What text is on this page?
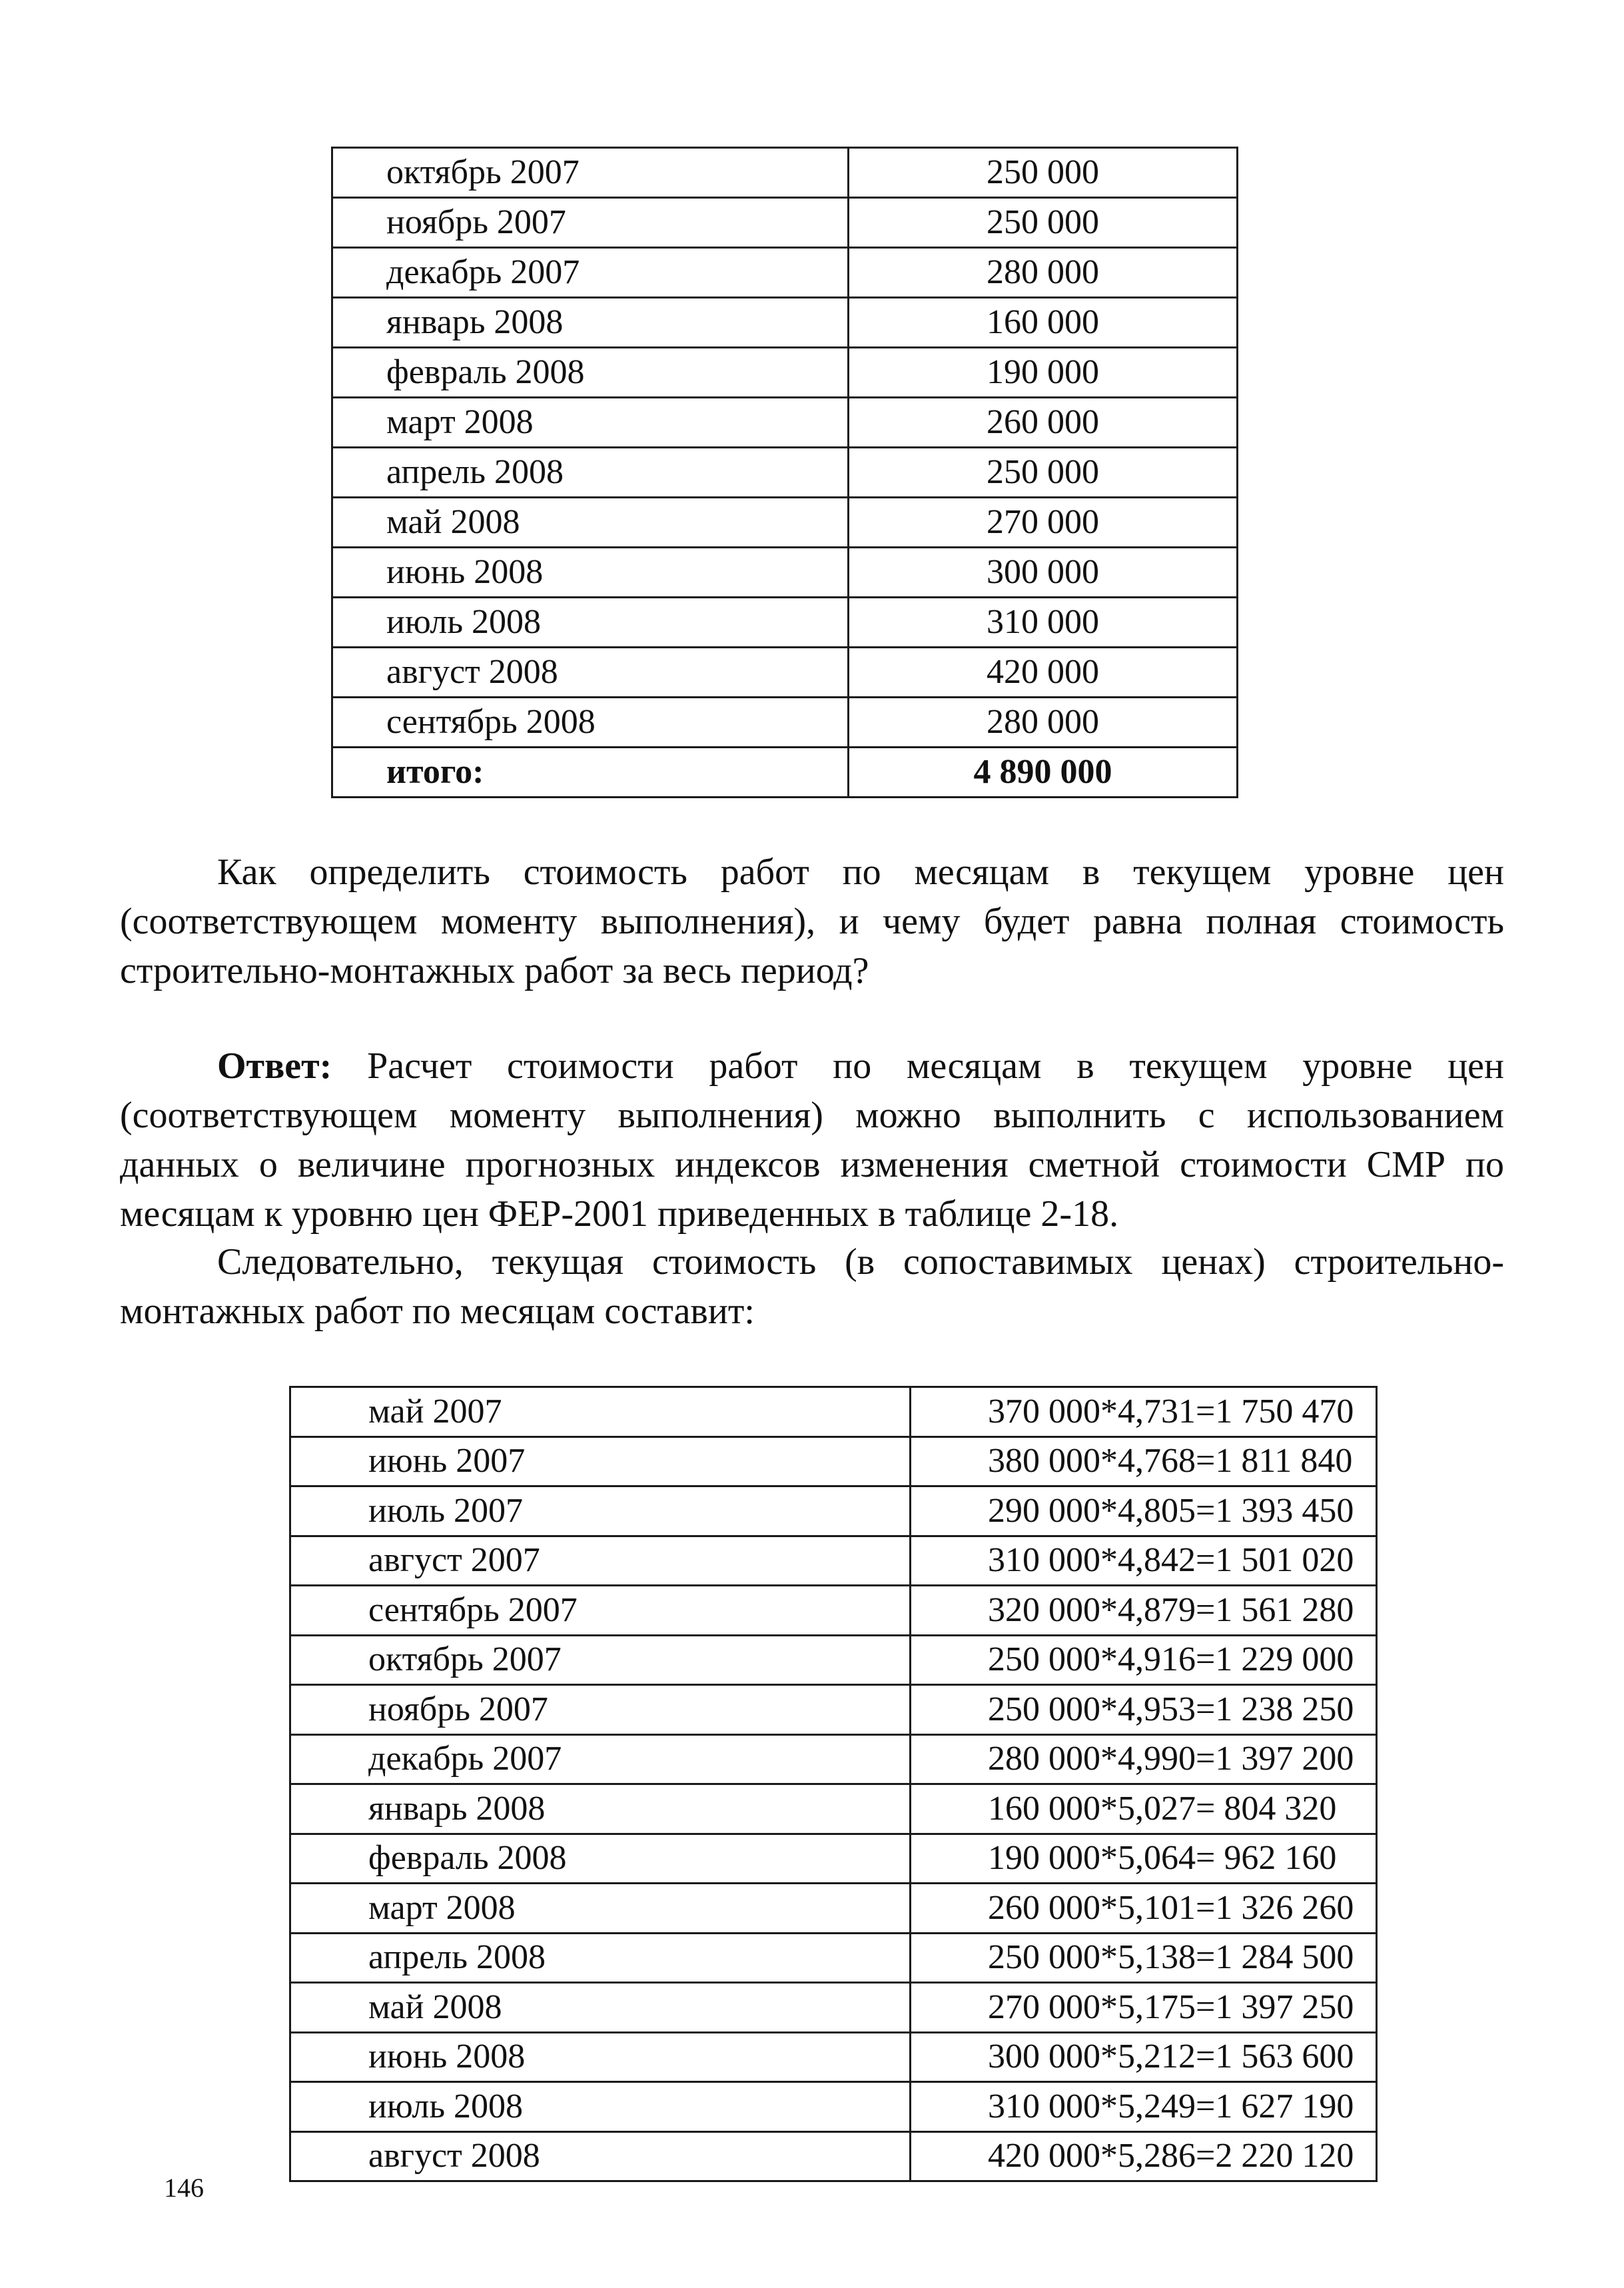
октябрь 2007	250 000
ноябрь 2007	250 000
декабрь 2007	280 000
январь 2008	160 000
февраль 2008	190 000
март 2008	260 000
апрель 2008	250 000
май 2008	270 000
июнь 2008	300 000
июль 2008	310 000
август 2008	420 000
сентябрь 2008	280 000
итого:	4 890 000
Как определить стоимость работ по месяцам в текущем уровне цен
(соответствующем моменту выполнения), и чему будет равна полная стоимость
строительно-монтажных работ за весь период?
Ответ: Расчет стоимости работ по месяцам в текущем уровне цен
(соответствующем моменту выполнения) можно выполнить с использованием
данных о величине прогнозных индексов изменения сметной стоимости СМР по
месяцам к уровню цен ФЕР-2001 приведенных в таблице 2-18.
Следовательно, текущая стоимость (в сопоставимых ценах) строительно-
монтажных работ по месяцам составит:
май 2007	370 000*4,731=1 750 470
июнь 2007	380 000*4,768=1 811 840
июль 2007	290 000*4,805=1 393 450
август 2007	310 000*4,842=1 501 020
сентябрь 2007	320 000*4,879=1 561 280
октябрь 2007	250 000*4,916=1 229 000
ноябрь 2007	250 000*4,953=1 238 250
декабрь 2007	280 000*4,990=1 397 200
январь 2008	160 000*5,027= 804 320
февраль 2008	190 000*5,064= 962 160
март 2008	260 000*5,101=1 326 260
апрель 2008	250 000*5,138=1 284 500
май 2008	270 000*5,175=1 397 250
июнь 2008	300 000*5,212=1 563 600
июль 2008	310 000*5,249=1 627 190
август 2008	420 000*5,286=2 220 120
146
